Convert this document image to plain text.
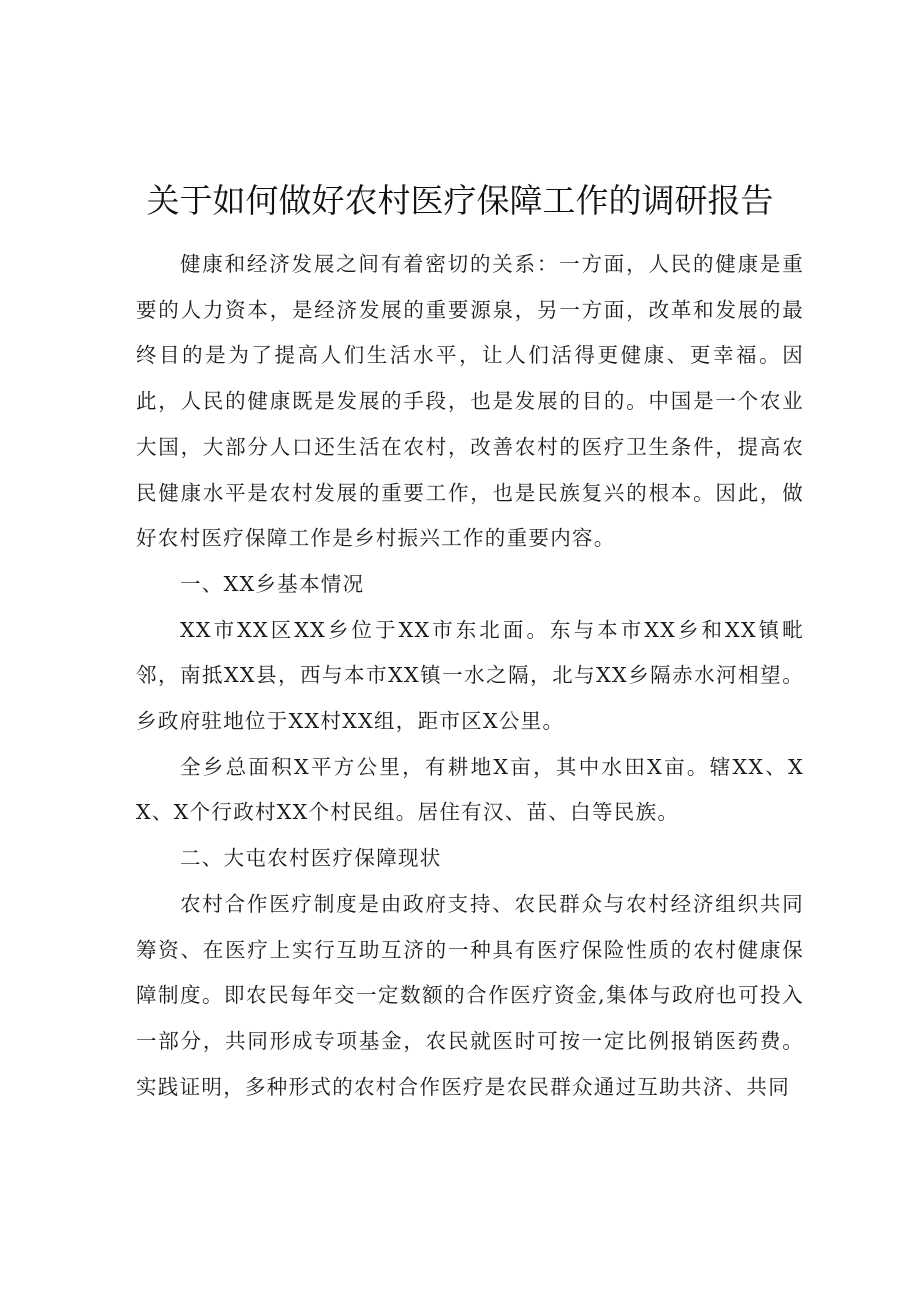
关于如何做好农村医疗保障工作的调研报告

健康和经济发展之间有着密切的关系：一方面，人民的健康是重要的人力资本，是经济发展的重要源泉，另一方面，改革和发展的最终目的是为了提高人们生活水平，让人们活得更健康、更幸福。因此，人民的健康既是发展的手段，也是发展的目的。中国是一个农业大国，大部分人口还生活在农村，改善农村的医疗卫生条件，提高农民健康水平是农村发展的重要工作，也是民族复兴的根本。因此，做好农村医疗保障工作是乡村振兴工作的重要内容。

一、XX乡基本情况

XX市XX区XX乡位于XX市东北面。东与本市XX乡和XX镇毗邻，南抵XX县，西与本市XX镇一水之隔，北与XX乡隔赤水河相望。乡政府驻地位于XX村XX组，距市区X公里。

全乡总面积X平方公里，有耕地X亩，其中水田X亩。辖XX、XX、X个行政村XX个村民组。居住有汉、苗、白等民族。

二、大屯农村医疗保障现状

农村合作医疗制度是由政府支持、农民群众与农村经济组织共同筹资、在医疗上实行互助互济的一种具有医疗保险性质的农村健康保障制度。即农民每年交一定数额的合作医疗资金,集体与政府也可投入一部分，共同形成专项基金，农民就医时可按一定比例报销医药费。实践证明，多种形式的农村合作医疗是农民群众通过互助共济、共同
